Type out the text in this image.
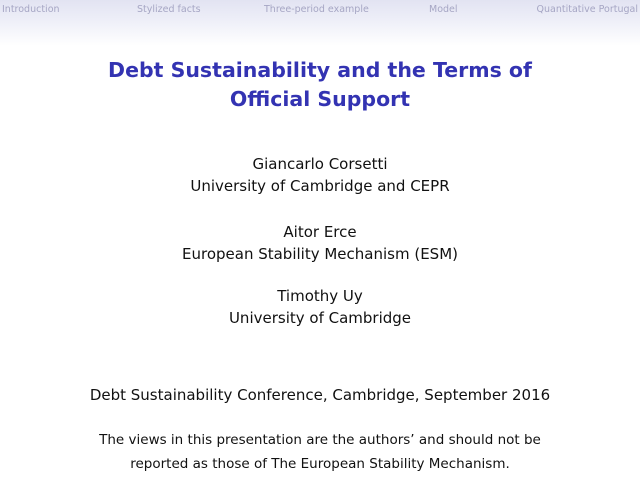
Introduction	Stylized facts	Three-period example	Model	Quantitative Portugal
Debt Sustainability and the Terms of
Official Support
Giancarlo Corsetti
University of Cambridge and CEPR
Aitor Erce
European Stability Mechanism (ESM)
Timothy Uy
University of Cambridge
Debt Sustainability Conference, Cambridge, September 2016
The views in this presentation are the authors’ and should not be
reported as those of The European Stability Mechanism.
